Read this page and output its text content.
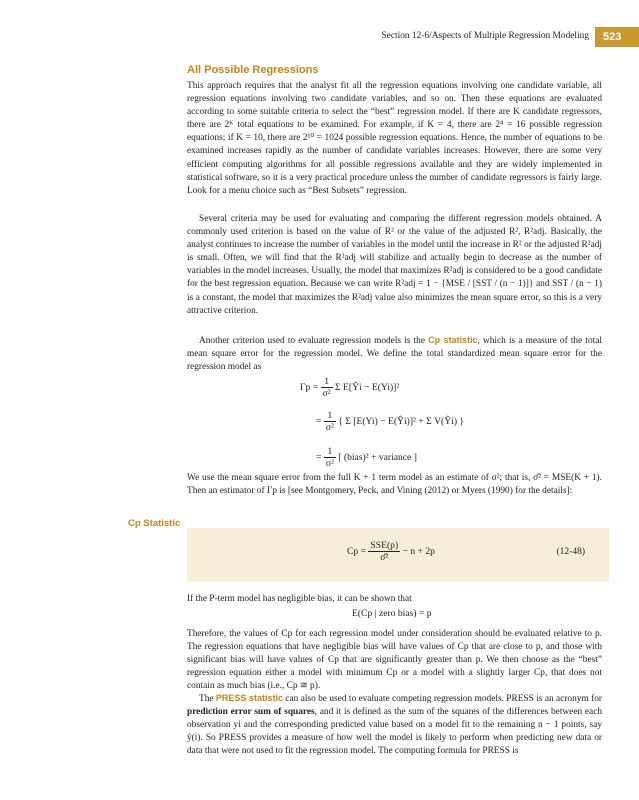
Section 12-6/Aspects of Multiple Regression Modeling	523
All Possible Regressions

This approach requires that the analyst fit all the regression equations involving one candidate variable, all regression equations involving two candidate variables, and so on. Then these equations are evaluated according to some suitable criteria to select the “best” regression model. If there are K candidate regressors, there are 2ᴷ total equations to be examined. For example, if K = 4, there are 2⁴ = 16 possible regression equations; if K = 10, there are 2¹⁰ = 1024 possible regression equations. Hence, the number of equations to be examined increases rapidly as the number of candidate variables increases. However, there are some very efficient computing algorithms for all possible regressions available and they are widely implemented in statistical software, so it is a very practical procedure unless the number of candidate regressors is fairly large. Look for a menu choice such as “Best Subsets” regression.

Several criteria may be used for evaluating and comparing the different regression models obtained. A commonly used criterion is based on the value of R² or the value of the adjusted R², R²adj. Basically, the analyst continues to increase the number of variables in the model until the increase in R² or the adjusted R²adj is small. Often, we will find that the R²adj will stabilize and actually begin to decrease as the number of variables in the model increases. Usually, the model that maximizes R²adj is considered to be a good candidate for the best regression equation. Because we can write R²adj = 1 − {MSE / [SST / (n − 1)]} and SST / (n − 1) is a constant, the model that maximizes the R²adj value also minimizes the mean square error, so this is a very attractive criterion.

Another criterion used to evaluate regression models is the Cp statistic, which is a measure of the total mean square error for the regression model. We define the total standardized mean square error for the regression model as

$\Gamma p = \frac{1}{\text{σ²}}$ Σ E[Ŷi − E(Yi)]²
= $\frac{1}{\text{σ²}}$ { Σ [E(Yi) − E(Ŷi)]² + Σ V(Ŷi) }
= $\frac{1}{\text{σ²}}$ [ (bias)² + variance ]

We use the mean square error from the full K + 1 term model as an estimate of σ²; that is, σ̂² = MSE(K + 1). Then an estimator of Γp is [see Montgomery, Peck, and Vining (2012) or Myers (1990) for the details]:

Cp Statistic
$Cp = \frac{\text{SSE(p)}}{\text{σ̂²}} - n + 2p$	(12-48)

If the P-term model has negligible bias, it can be shown that

E(Cp | zero bias) = p

Therefore, the values of Cp for each regression model under consideration should be evaluated relative to p. The regression equations that have negligible bias will have values of Cp that are close to p, and those with significant bias will have values of Cp that are significantly greater than p. We then choose as the “best” regression equation either a model with minimum Cp or a model with a slightly larger Cp, that does not contain as much bias (i.e., Cp ≅ p).

The PRESS statistic can also be used to evaluate competing regression models. PRESS is an acronym for prediction error sum of squares, and it is defined as the sum of the squares of the differences between each observation yi and the corresponding predicted value based on a model fit to the remaining n − 1 points, say ŷ(i). So PRESS provides a measure of how well the model is likely to perform when predicting new data or data that were not used to fit the regression model. The computing formula for PRESS is
